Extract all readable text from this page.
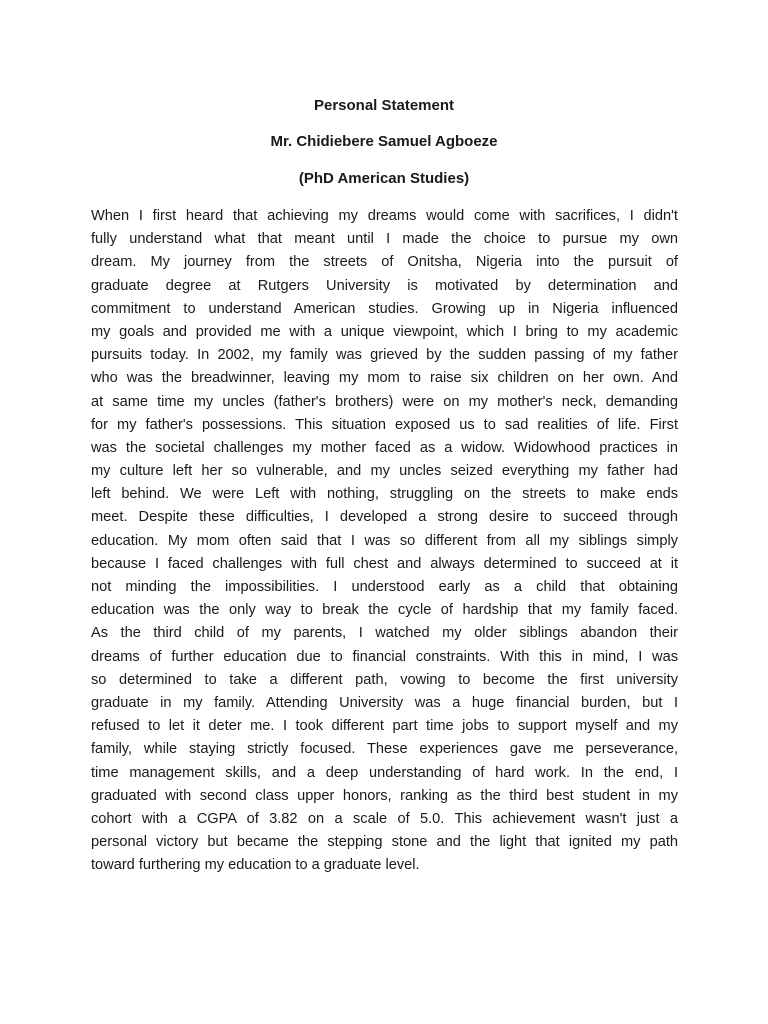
Personal Statement

Mr. Chidiebere Samuel Agboeze

(PhD American Studies)

When I first heard that achieving my dreams would come with sacrifices, I didn't
fully understand what that meant until I made the choice to pursue my own
dream. My journey from the streets of Onitsha, Nigeria into the pursuit of
graduate degree at Rutgers University is motivated by determination and
commitment to understand American studies. Growing up in Nigeria influenced
my goals and provided me with a unique viewpoint, which I bring to my academic
pursuits today. In 2002, my family was grieved by the sudden passing of my father
who was the breadwinner, leaving my mom to raise six children on her own. And
at same time my uncles (father's brothers) were on my mother's neck, demanding
for my father's possessions. This situation exposed us to sad realities of life. First
was the societal challenges my mother faced as a widow. Widowhood practices in
my culture left her so vulnerable, and my uncles seized everything my father had
left behind. We were Left with nothing, struggling on the streets to make ends
meet. Despite these difficulties, I developed a strong desire to succeed through
education. My mom often said that I was so different from all my siblings simply
because I faced challenges with full chest and always determined to succeed at it
not minding the impossibilities. I understood early as a child that obtaining
education was the only way to break the cycle of hardship that my family faced.
As the third child of my parents, I watched my older siblings abandon their
dreams of further education due to financial constraints. With this in mind, I was
so determined to take a different path, vowing to become the first university
graduate in my family. Attending University was a huge financial burden, but I
refused to let it deter me. I took different part time jobs to support myself and my
family, while staying strictly focused. These experiences gave me perseverance,
time management skills, and a deep understanding of hard work. In the end, I
graduated with second class upper honors, ranking as the third best student in my
cohort with a CGPA of 3.82 on a scale of 5.0. This achievement wasn't just a
personal victory but became the stepping stone and the light that ignited my path
toward furthering my education to a graduate level.
